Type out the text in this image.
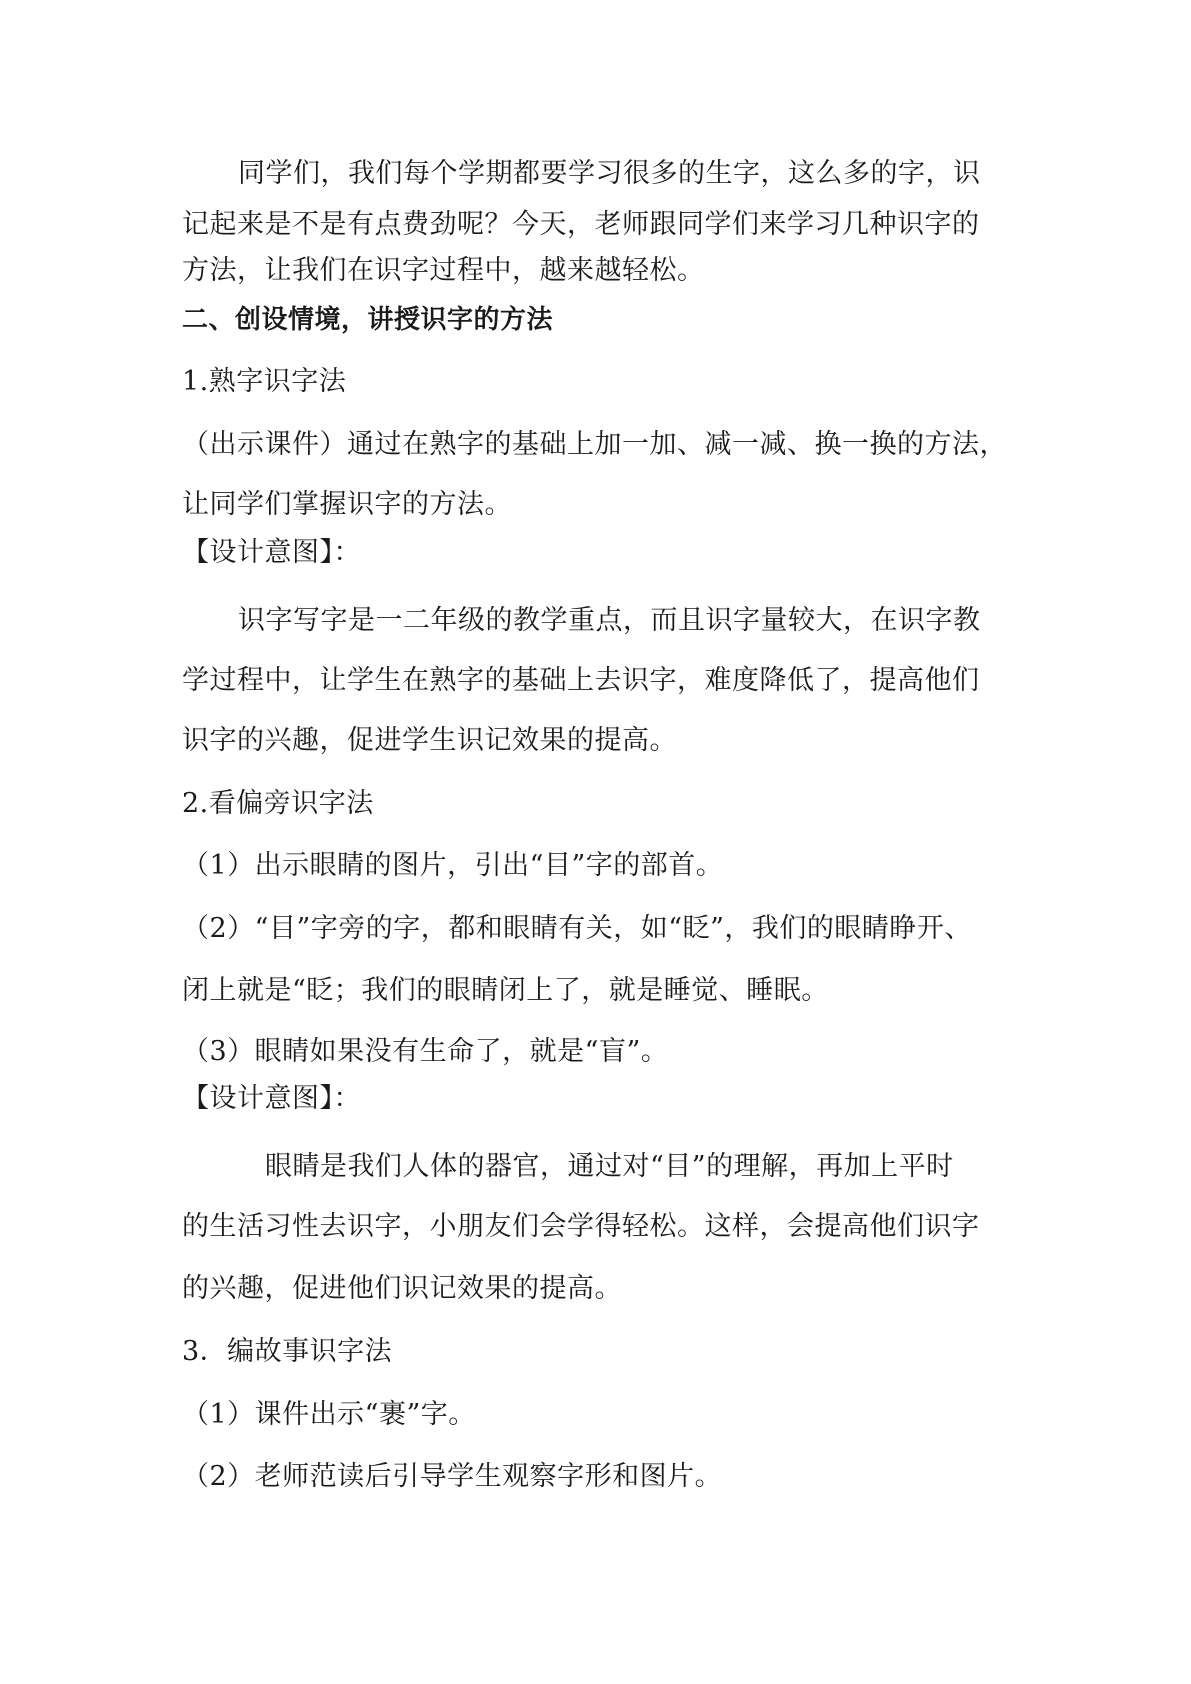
同学们，我们每个学期都要学习很多的生字，这么多的字，识
记起来是不是有点费劲呢？今天，老师跟同学们来学习几种识字的
方法，让我们在识字过程中，越来越轻松。
二、创设情境，讲授识字的方法
1.熟字识字法
（出示课件）通过在熟字的基础上加一加、减一减、换一换的方法，
让同学们掌握识字的方法。
【设计意图】：
识字写字是一二年级的教学重点，而且识字量较大，在识字教
学过程中，让学生在熟字的基础上去识字，难度降低了，提高他们
识字的兴趣，促进学生识记效果的提高。
2.看偏旁识字法
（1）出示眼睛的图片，引出“目”字的部首。
（2）“目”字旁的字，都和眼睛有关，如“眨”，我们的眼睛睁开、
闭上就是“眨；我们的眼睛闭上了，就是睡觉、睡眠。
（3）眼睛如果没有生命了，就是“盲”。
【设计意图】：
眼睛是我们人体的器官，通过对“目”的理解，再加上平时
的生活习性去识字，小朋友们会学得轻松。这样，会提高他们识字
的兴趣，促进他们识记效果的提高。
3．编故事识字法
（1）课件出示“裹”字。
（2）老师范读后引导学生观察字形和图片。
